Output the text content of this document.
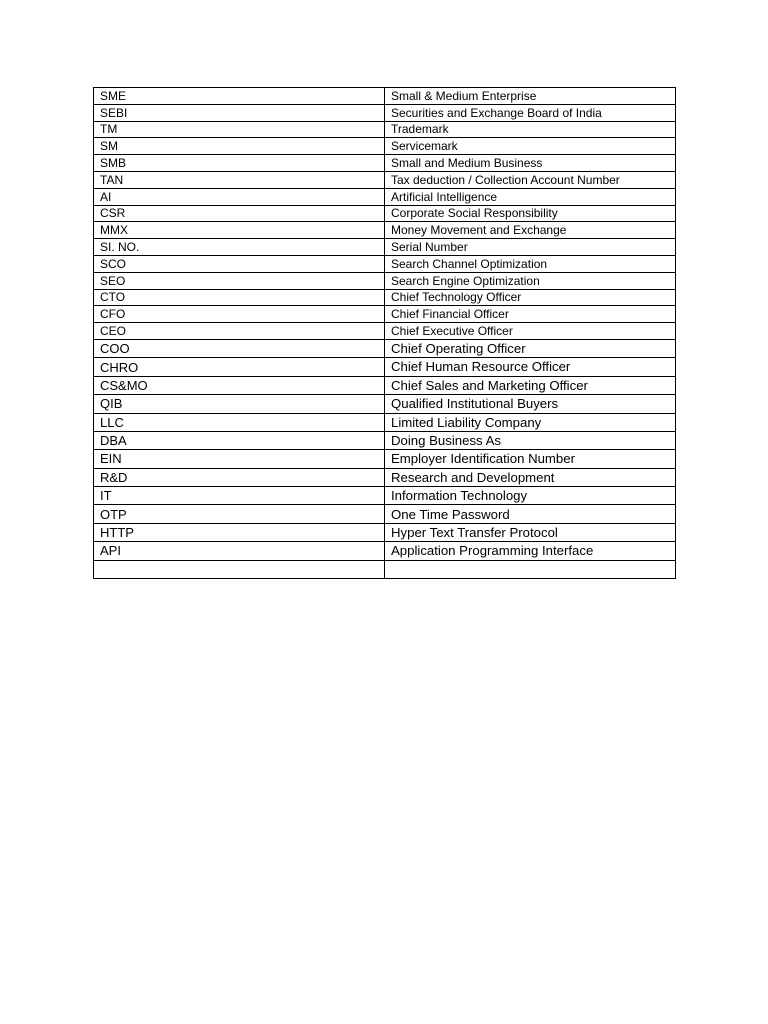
SME	Small & Medium Enterprise
SEBI	Securities and Exchange Board of India
TM	Trademark
SM	Servicemark
SMB	Small and Medium Business
TAN	Tax deduction / Collection Account Number
AI	Artificial Intelligence
CSR	Corporate Social Responsibility
MMX	Money Movement and Exchange
SI. NO.	Serial Number
SCO	Search Channel Optimization
SEO	Search Engine Optimization
CTO	Chief Technology Officer
CFO	Chief Financial Officer
CEO	Chief Executive Officer
COO	Chief Operating Officer
CHRO	Chief Human Resource Officer
CS&MO	Chief Sales and Marketing Officer
QIB	Qualified Institutional Buyers
LLC	Limited Liability Company
DBA	Doing Business As
EIN	Employer Identification Number
R&D	Research and Development
IT	Information Technology
OTP	One Time Password
HTTP	Hyper Text Transfer Protocol
API	Application Programming Interface
